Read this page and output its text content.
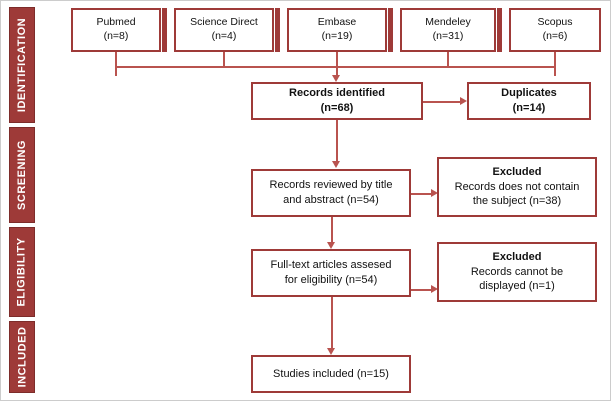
IDENTIFICATION
SCREENING
ELIGIBILITY
INCLUDED
Pubmed
(n=8)
Science Direct
(n=4)
Embase
(n=19)
Mendeley
(n=31)
Scopus
(n=6)
Records identified
(n=68)
Duplicates
(n=14)
Records reviewed by title
and abstract (n=54)
Excluded
Records does not contain
the subject (n=38)
Full-text articles assesed
for eligibility (n=54)
Excluded
Records cannot be
displayed (n=1)
Studies included (n=15)
